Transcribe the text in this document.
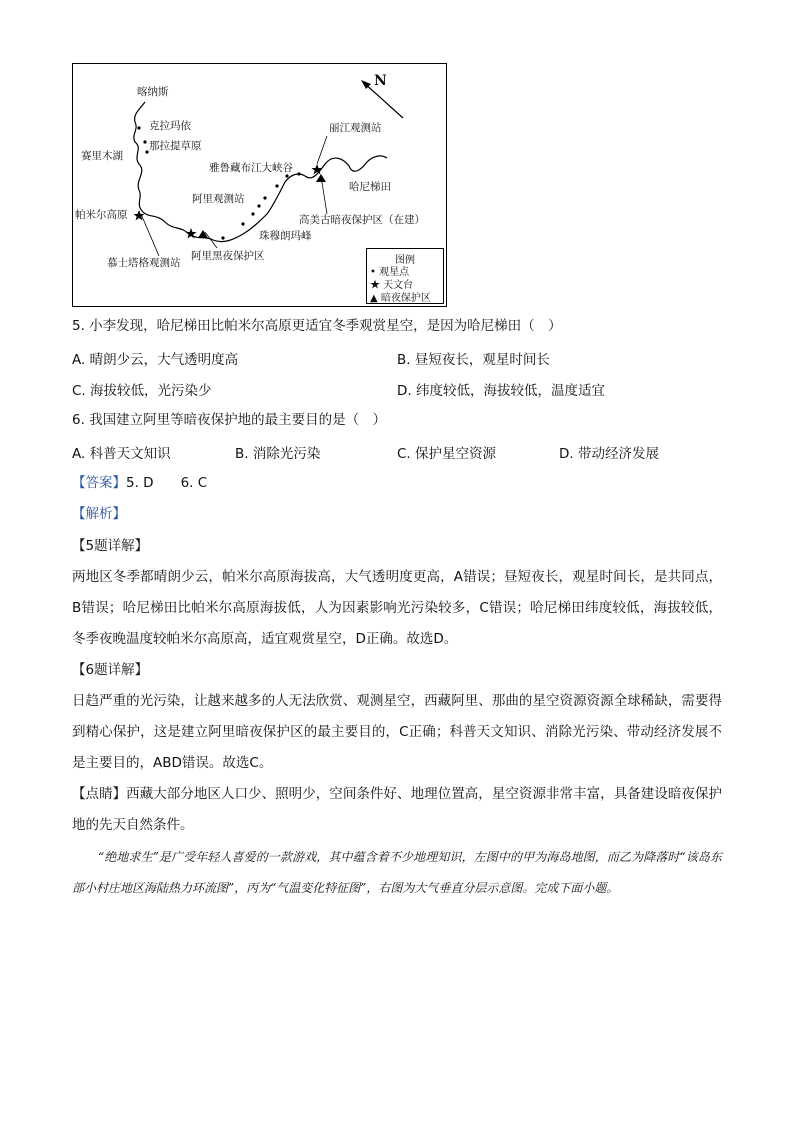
N
喀纳斯
克拉玛依
赛里木湖
那拉提草原
帕米尔高原
慕士塔格观测站
雅鲁藏布江大峡谷
阿里观测站
阿里黑夜保护区
珠穆朗玛峰
丽江观测站
哈尼梯田
高美古暗夜保护区（在建）
图例
• 观星点
★ 天文台
▲ 暗夜保护区
5. 小李发现，哈尼梯田比帕米尔高原更适宜冬季观赏星空，是因为哈尼梯田（　）
A. 晴朗少云，大气透明度高	B. 昼短夜长，观星时间长
C. 海拔较低，光污染少	D. 纬度较低，海拔较低，温度适宜
6. 我国建立阿里等暗夜保护地的最主要目的是（　）
A. 科普天文知识	B. 消除光污染	C. 保护星空资源	D. 带动经济发展
【答案】5. D　　6. C
【解析】
【5题详解】
两地区冬季都晴朗少云，帕米尔高原海拔高，大气透明度更高，A错误；昼短夜长，观星时间长，是共同点，B错误；哈尼梯田比帕米尔高原海拔低，人为因素影响光污染较多，C错误；哈尼梯田纬度较低，海拔较低，冬季夜晚温度较帕米尔高原高，适宜观赏星空，D正确。故选D。
【6题详解】
日趋严重的光污染，让越来越多的人无法欣赏、观测星空，西藏阿里、那曲的星空资源资源全球稀缺，需要得到精心保护，这是建立阿里暗夜保护区的最主要目的，C正确；科普天文知识、消除光污染、带动经济发展不是主要目的，ABD错误。故选C。
【点睛】西藏大部分地区人口少、照明少，空间条件好、地理位置高，星空资源非常丰富，具备建设暗夜保护地的先天自然条件。
“绝地求生”是广受年轻人喜爱的一款游戏，其中蕴含着不少地理知识，左图中的甲为海岛地图，而乙为降落时“该岛东部小村庄地区海陆热力环流图”，丙为“气温变化特征图”，右图为大气垂直分层示意图。完成下面小题。
